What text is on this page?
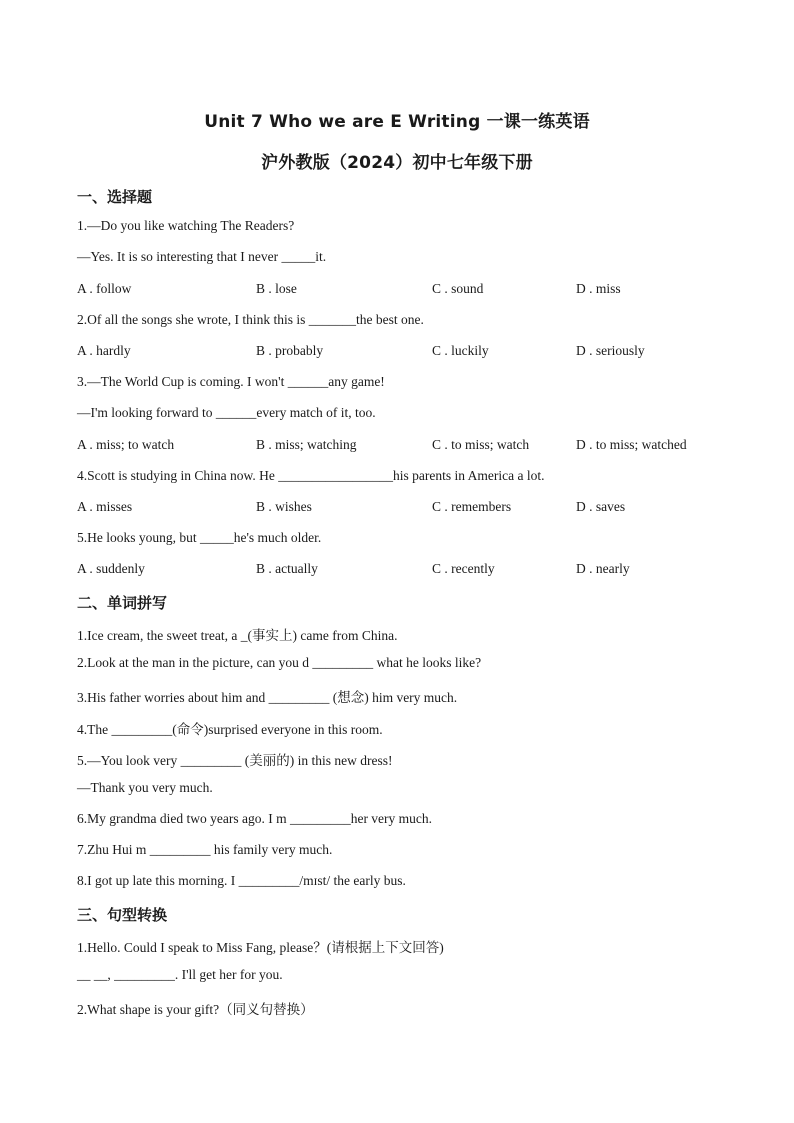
Unit 7 Who we are E Writing 一课一练英语
沪外教版（2024）初中七年级下册
一、选择题
1.—Do you like watching The Readers?
—Yes. It is so interesting that I never _____it.
A . follow	B . lose	C . sound	D . miss
2.Of all the songs she wrote, I think this is _______the best one.
A . hardly	B . probably	C . luckily	D . seriously
3.—The World Cup is coming. I won't ______any game!
—I'm looking forward to ______every match of it, too.
A . miss; to watch	B . miss; watching	C . to miss; watch	D . to miss; watched
4.Scott is studying in China now. He _________________his parents in America a lot.
A . misses	B . wishes	C . remembers	D . saves
5.He looks young, but _____he's much older.
A . suddenly	B . actually	C . recently	D . nearly
二、单词拼写
1.Ice cream, the sweet treat, a _(事实上) came from China.
2.Look at the man in the picture, can you d _________ what he looks like?
3.His father worries about him and _________ (想念) him very much.
4.The _________(命令)surprised everyone in this room.
5.—You look very _________ (美丽的) in this new dress!
—Thank you very much.
6.My grandma died two years ago. I m _________her very much.
7.Zhu Hui m _________ his family very much.
8.I got up late this morning. I _________/mɪst/ the early bus.
三、句型转换
1.Hello. Could I speak to Miss Fang, please？(请根据上下文回答)
__ __, _________. I'll get her for you.
2.What shape is your gift?（同义句替换）
